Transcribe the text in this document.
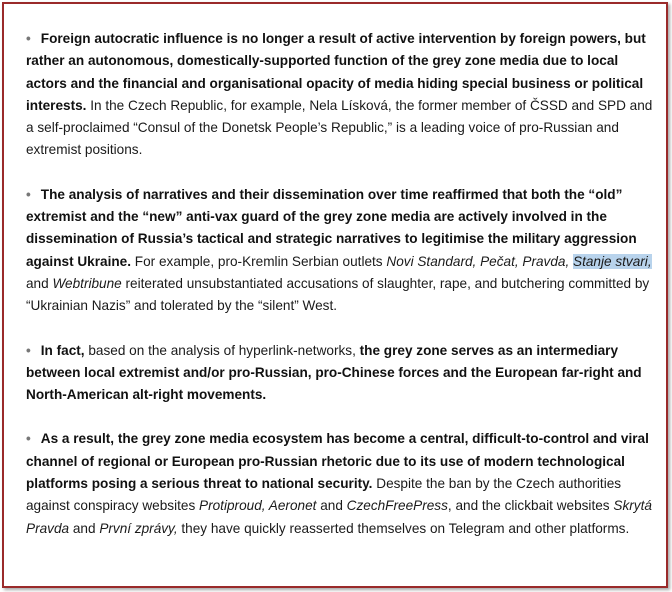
• Foreign autocratic influence is no longer a result of active intervention by foreign powers, but rather an autonomous, domestically-supported function of the grey zone media due to local actors and the financial and organisational opacity of media hiding special business or political interests. In the Czech Republic, for example, Nela Lísková, the former member of ČSSD and SPD and a self-proclaimed “Consul of the Donetsk People’s Republic,” is a leading voice of pro-Russian and extremist positions.

• The analysis of narratives and their dissemination over time reaffirmed that both the “old” extremist and the “new” anti-vax guard of the grey zone media are actively involved in the dissemination of Russia’s tactical and strategic narratives to legitimise the military aggression against Ukraine. For example, pro-Kremlin Serbian outlets Novi Standard, Pečat, Pravda, Stanje stvari, and Webtribune reiterated unsubstantiated accusations of slaughter, rape, and butchering committed by “Ukrainian Nazis” and tolerated by the “silent” West.

• In fact, based on the analysis of hyperlink-networks, the grey zone serves as an intermediary between local extremist and/or pro-Russian, pro-Chinese forces and the European far-right and North-American alt-right movements.

• As a result, the grey zone media ecosystem has become a central, difficult-to-control and viral channel of regional or European pro-Russian rhetoric due to its use of modern technological platforms posing a serious threat to national security. Despite the ban by the Czech authorities against conspiracy websites Protiproud, Aeronet and CzechFreePress, and the clickbait websites Skrytá Pravda and První zprávy, they have quickly reasserted themselves on Telegram and other platforms.
